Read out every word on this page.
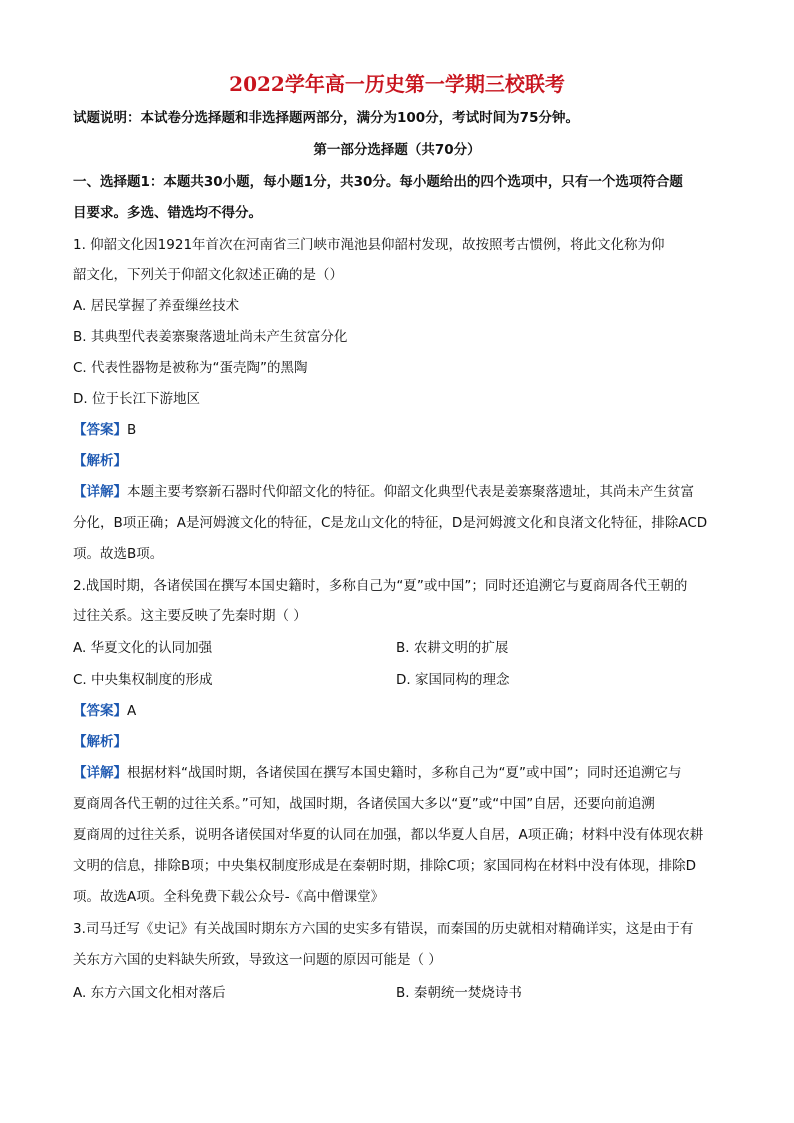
2022学年高一历史第一学期三校联考
试题说明：本试卷分选择题和非选择题两部分，满分为100分，考试时间为75分钟。
第一部分选择题（共70分）
一、选择题1：本题共30小题，每小题1分，共30分。每小题给出的四个选项中，只有一个选项符合题
目要求。多选、错选均不得分。
1. 仰韶文化因1921年首次在河南省三门峡市渑池县仰韶村发现，故按照考古惯例，将此文化称为仰
韶文化，下列关于仰韶文化叙述正确的是（）
A. 居民掌握了养蚕缫丝技术
B. 其典型代表姜寨聚落遗址尚未产生贫富分化
C. 代表性器物是被称为“蛋壳陶”的黑陶
D. 位于长江下游地区
【答案】B
【解析】
【详解】本题主要考察新石器时代仰韶文化的特征。仰韶文化典型代表是姜寨聚落遗址，其尚未产生贫富
分化，B项正确；A是河姆渡文化的特征，C是龙山文化的特征，D是河姆渡文化和良渚文化特征，排除ACD
项。故选B项。
2.战国时期，各诸侯国在撰写本国史籍时，多称自己为“夏”或中国”；同时还追溯它与夏商周各代王朝的
过往关系。这主要反映了先秦时期（ ）
A. 华夏文化的认同加强	B. 农耕文明的扩展
C. 中央集权制度的形成	D. 家国同构的理念
【答案】A
【解析】
【详解】根据材料“战国时期，各诸侯国在撰写本国史籍时，多称自己为“夏”或中国”；同时还追溯它与
夏商周各代王朝的过往关系。”可知，战国时期，各诸侯国大多以“夏”或“中国”自居，还要向前追溯
夏商周的过往关系，说明各诸侯国对华夏的认同在加强，都以华夏人自居，A项正确；材料中没有体现农耕
文明的信息，排除B项；中央集权制度形成是在秦朝时期，排除C项；家国同构在材料中没有体现，排除D
项。故选A项。全科免费下载公众号-《高中僧课堂》
3.司马迁写《史记》有关战国时期东方六国的史实多有错误，而秦国的历史就相对精确详实，这是由于有
关东方六国的史料缺失所致，导致这一问题的原因可能是（ ）
A. 东方六国文化相对落后	B. 秦朝统一焚烧诗书
